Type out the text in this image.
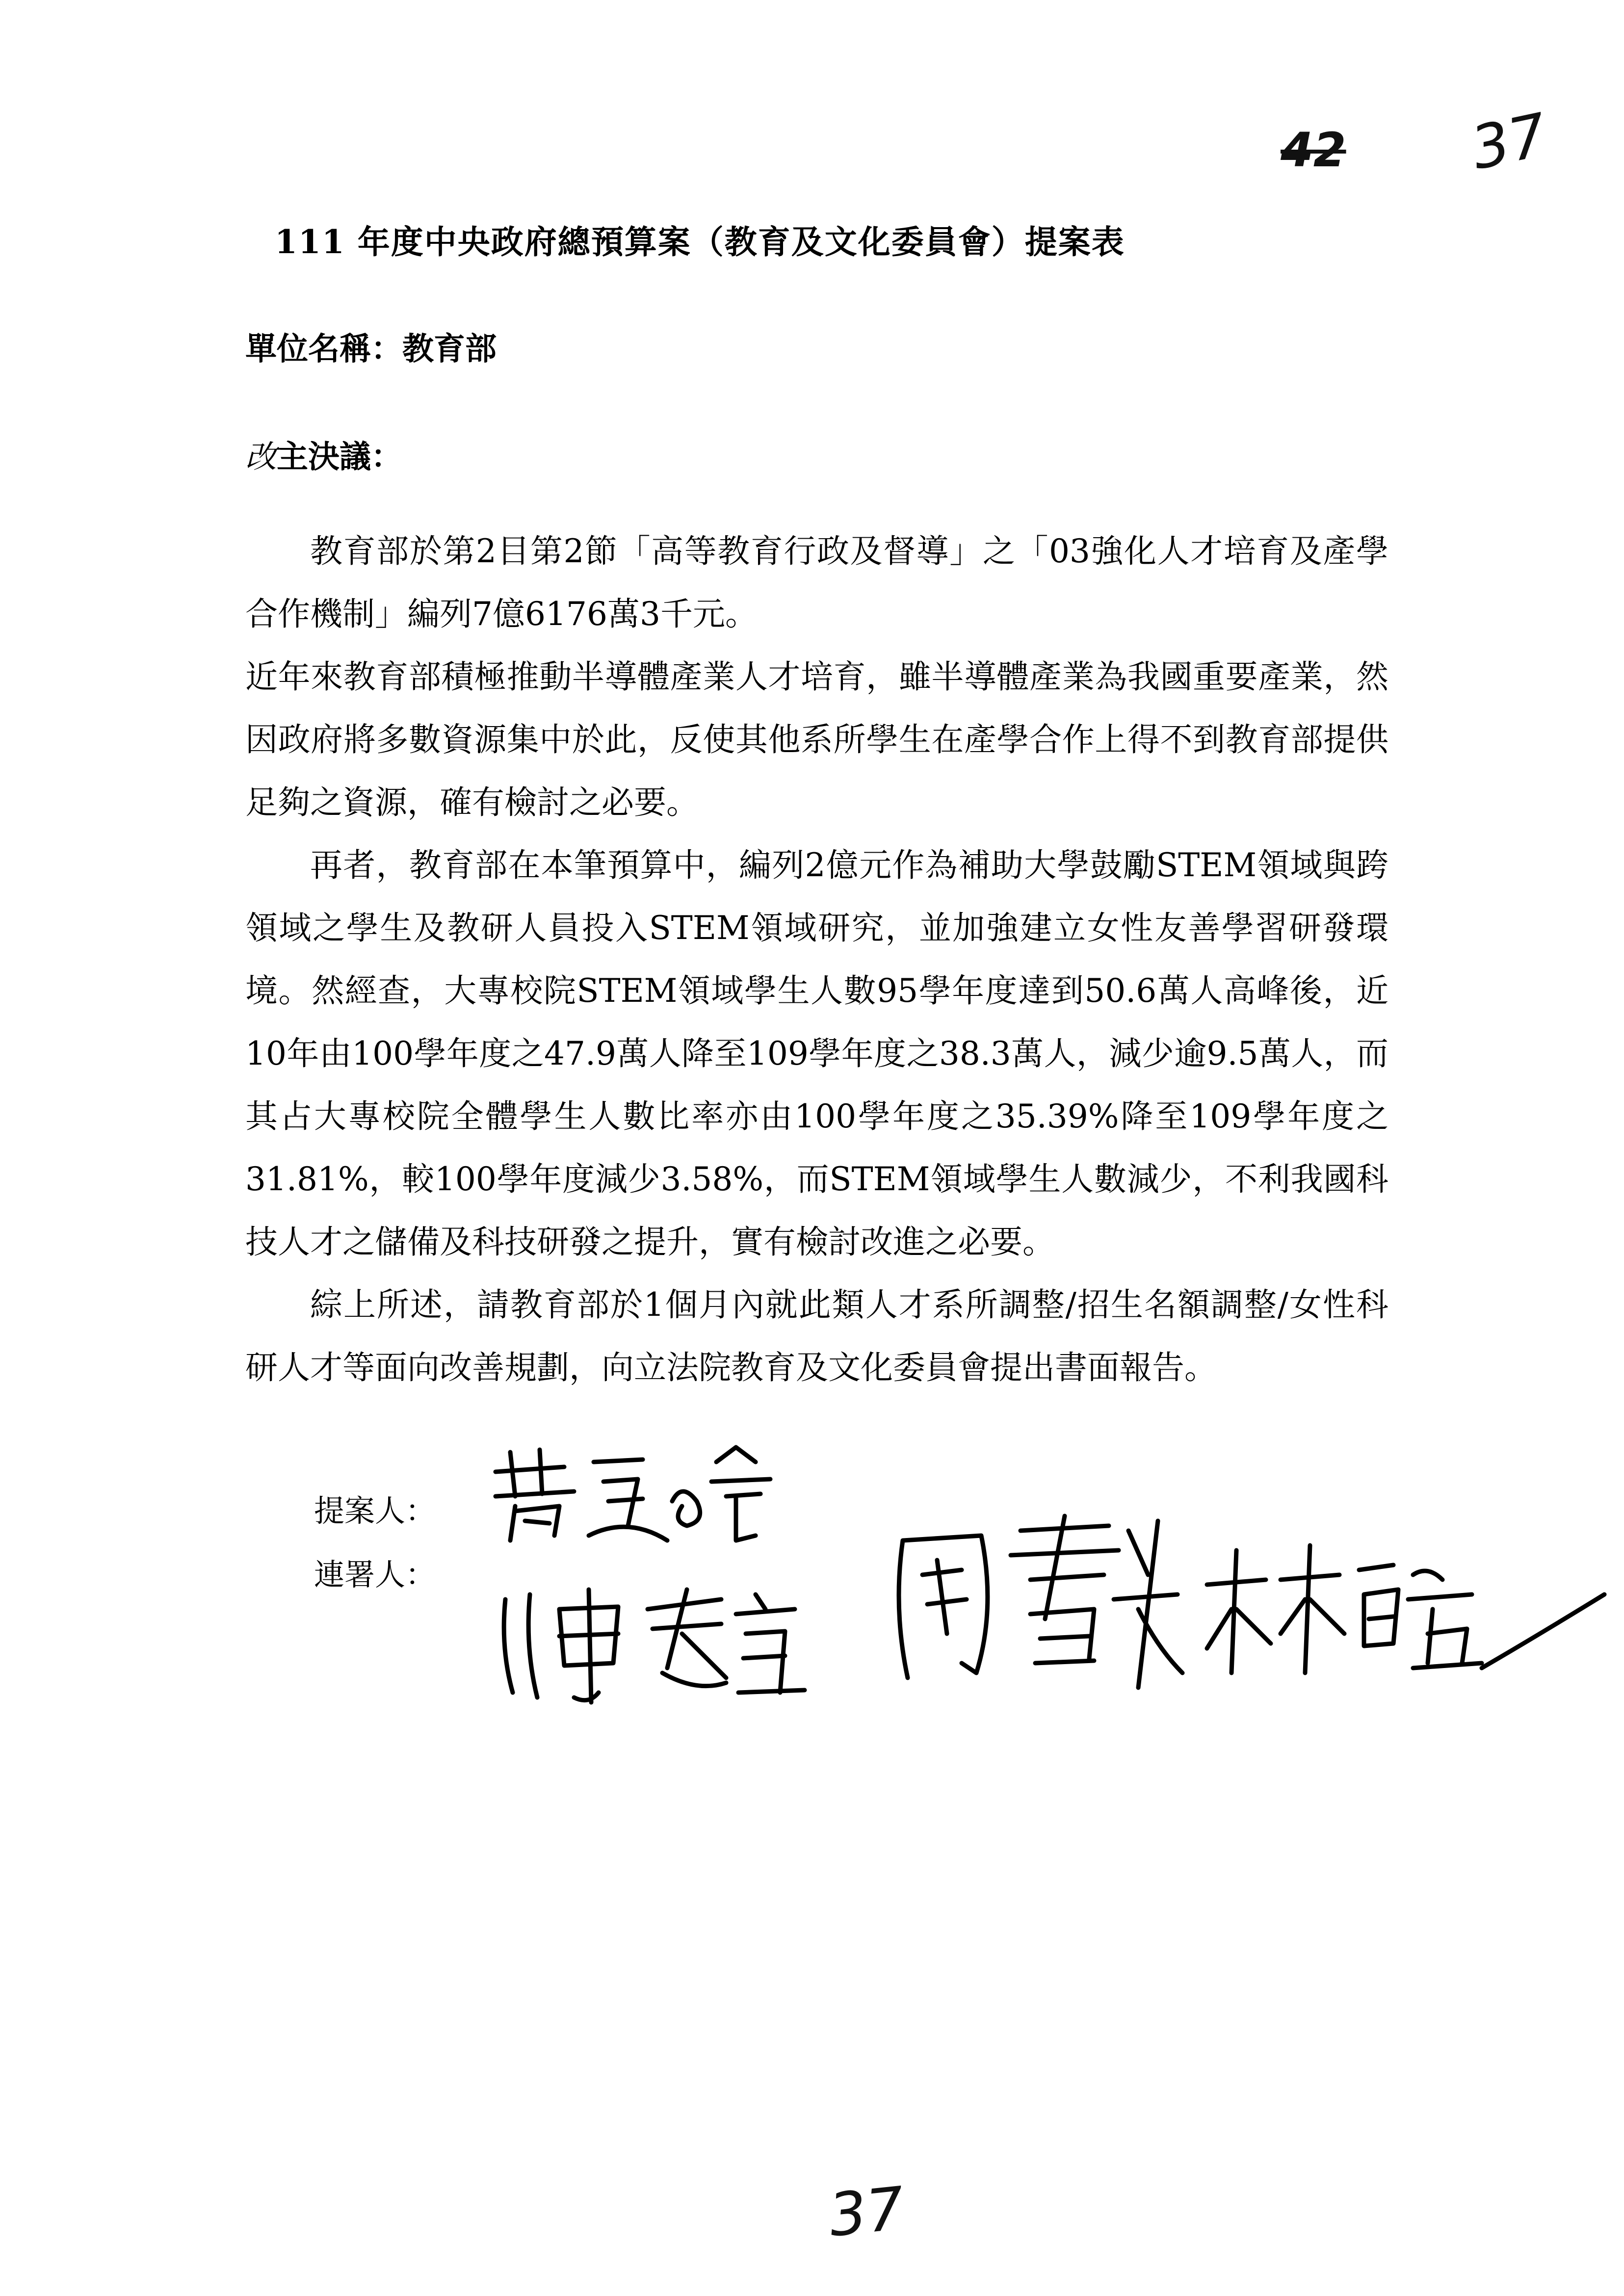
42 37
111 年度中央政府總預算案（教育及文化委員會）提案表
單位名稱：教育部
改主決議：

教育部於第2目第2節「高等教育行政及督導」之「03強化人才培育及產學合作機制」編列7億6176萬3千元。

近年來教育部積極推動半導體產業人才培育，雖半導體產業為我國重要產業，然因政府將多數資源集中於此，反使其他系所學生在產學合作上得不到教育部提供足夠之資源，確有檢討之必要。

再者，教育部在本筆預算中，編列2億元作為補助大學鼓勵STEM領域與跨領域之學生及教研人員投入STEM領域研究，並加強建立女性友善學習研發環境。然經查，大專校院STEM領域學生人數95學年度達到50.6萬人高峰後，近10年由100學年度之47.9萬人降至109學年度之38.3萬人，減少逾9.5萬人，而其占大專校院全體學生人數比率亦由100學年度之35.39%降至109學年度之31.81%，較100學年度減少3.58%，而STEM領域學生人數減少，不利我國科技人才之儲備及科技研發之提升，實有檢討改進之必要。

綜上所述，請教育部於1個月內就此類人才系所調整/招生名額調整/女性科研人才等面向改善規劃，向立法院教育及文化委員會提出書面報告。

提案人：
連署人：
37
